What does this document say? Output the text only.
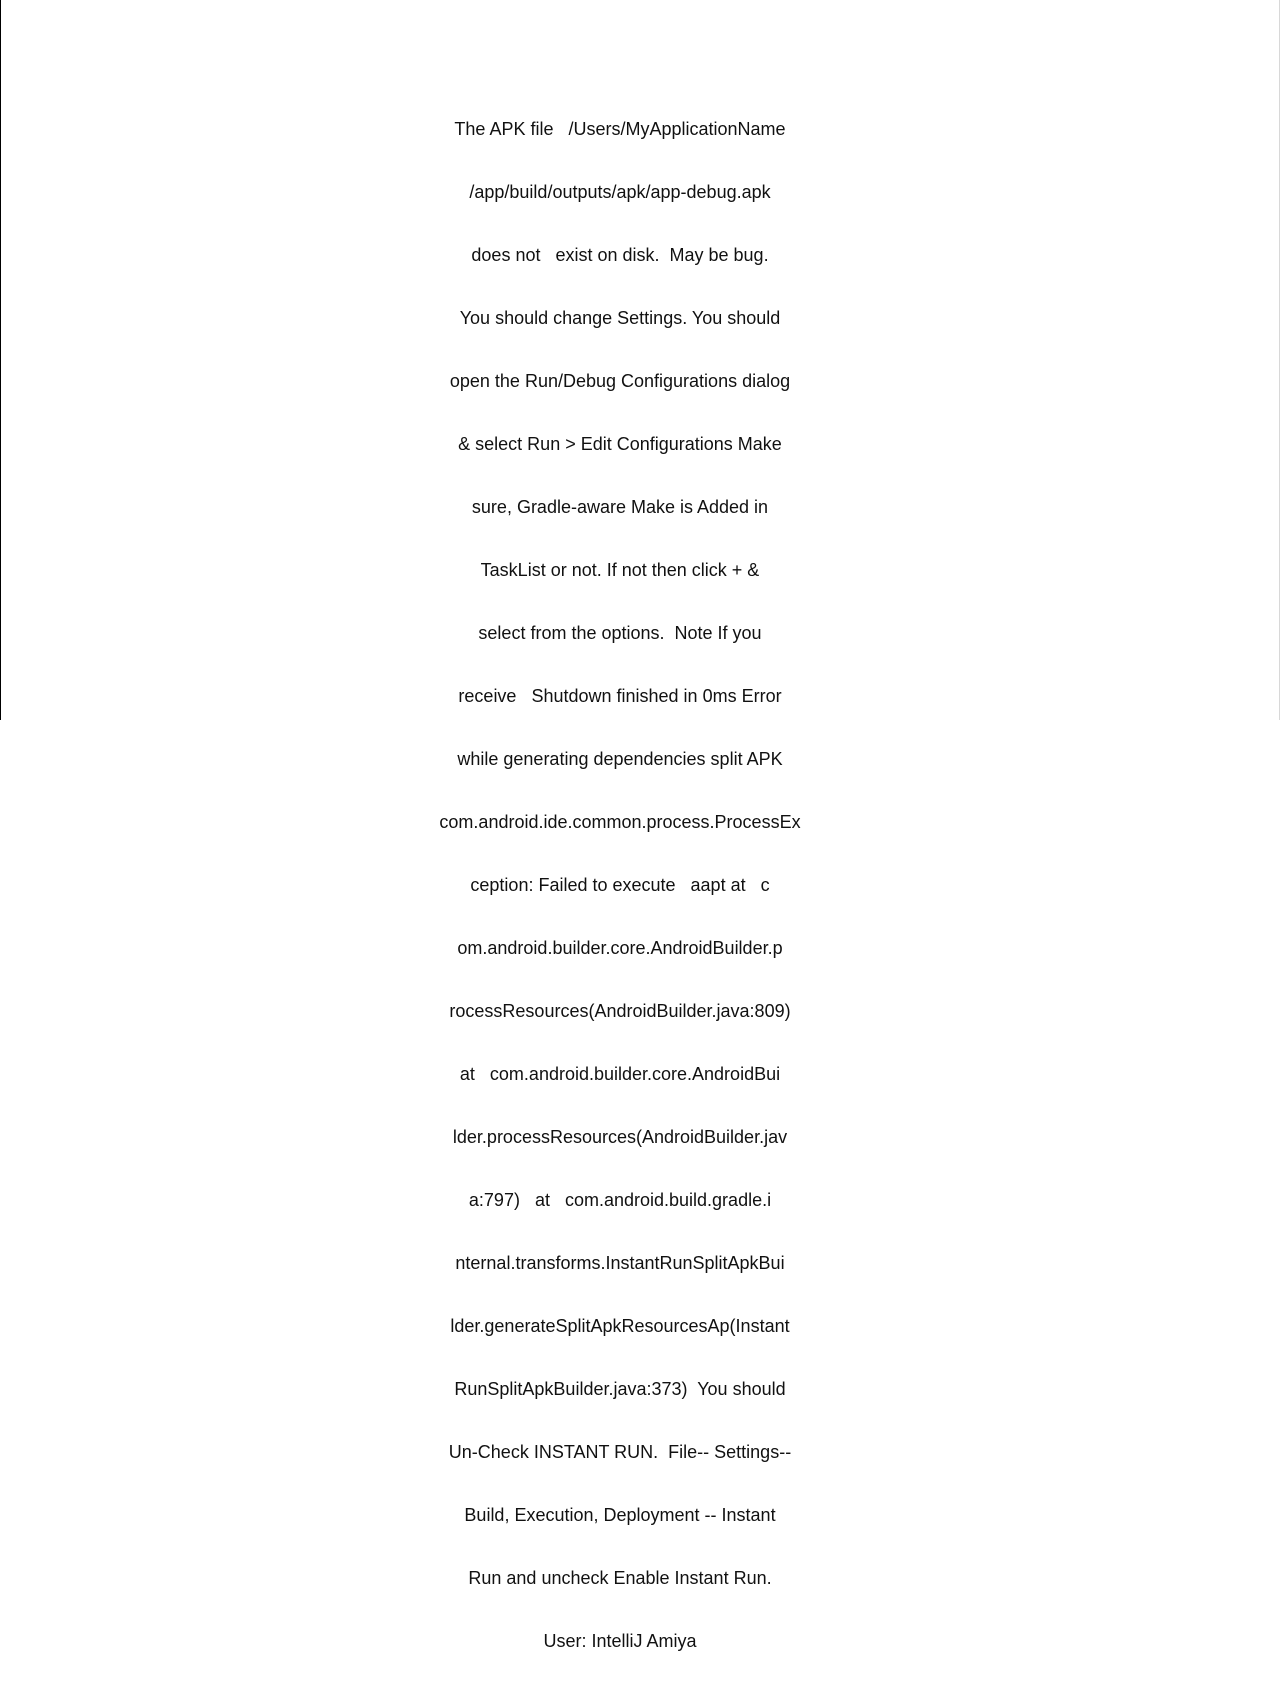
The APK file   /Users/MyApplicationName

/app/build/outputs/apk/app-debug.apk

does not   exist on disk.  May be bug.

You should change Settings. You should

open the Run/Debug Configurations dialog

& select Run > Edit Configurations Make

sure, Gradle-aware Make is Added in

TaskList or not. If not then click + &

select from the options.  Note If you

receive   Shutdown finished in 0ms Error

while generating dependencies split APK

com.android.ide.common.process.ProcessEx

ception: Failed to execute   aapt at   c

om.android.builder.core.AndroidBuilder.p

rocessResources(AndroidBuilder.java:809)

at   com.android.builder.core.AndroidBui

lder.processResources(AndroidBuilder.jav

a:797)   at   com.android.build.gradle.i

nternal.transforms.InstantRunSplitApkBui

lder.generateSplitApkResourcesAp(Instant

RunSplitApkBuilder.java:373)  You should

Un-Check INSTANT RUN.  File-- Settings--

Build, Execution, Deployment -- Instant

Run and uncheck Enable Instant Run.

User: IntelliJ Amiya
